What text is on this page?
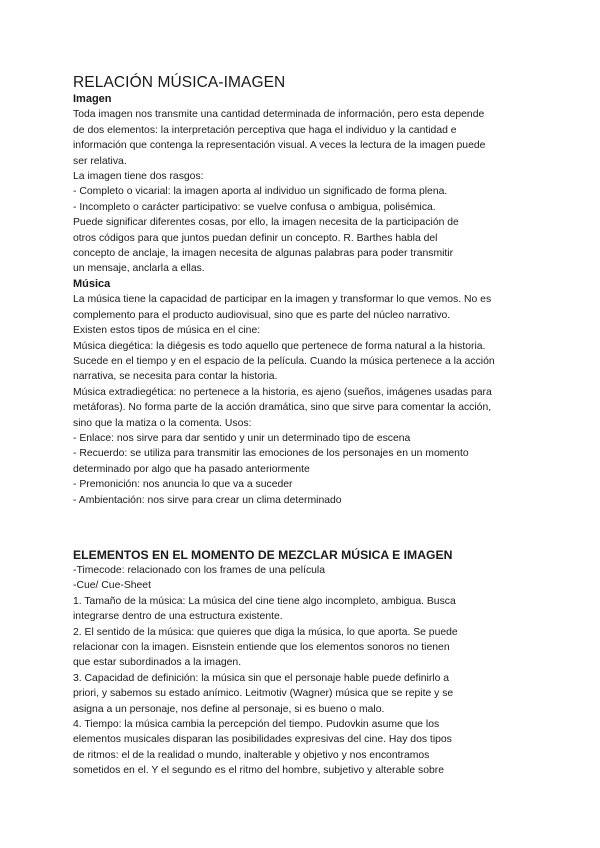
RELACIÓN MÚSICA-IMAGEN
Imagen

Toda imagen nos transmite una cantidad determinada de información, pero esta depende

de dos elementos: la interpretación perceptiva que haga el individuo y la cantidad e

información que contenga la representación visual. A veces la lectura de la imagen puede

ser relativa.

La imagen tiene dos rasgos:

- Completo o vicarial: la imagen aporta al individuo un significado de forma plena.

- Incompleto o carácter participativo: se vuelve confusa o ambigua, polisémica.

Puede significar diferentes cosas, por ello, la imagen necesita de la participación de

otros códigos para que juntos puedan definir un concepto. R. Barthes habla del

concepto de anclaje, la imagen necesita de algunas palabras para poder transmitir

un mensaje, anclarla a ellas.

Música

La música tiene la capacidad de participar en la imagen y transformar lo que vemos. No es

complemento para el producto audiovisual, sino que es parte del núcleo narrativo.

Existen estos tipos de música en el cine:

Música diegética: la diégesis es todo aquello que pertenece de forma natural a la historia.

Sucede en el tiempo y en el espacio de la película. Cuando la música pertenece a la acción

narrativa, se necesita para contar la historia.

Música extradiegética: no pertenece a la historia, es ajeno (sueños, imágenes usadas para

metáforas). No forma parte de la acción dramática, sino que sirve para comentar la acción,

sino que la matiza o la comenta. Usos:

- Enlace: nos sirve para dar sentido y unir un determinado tipo de escena

- Recuerdo: se utiliza para transmitir las emociones de los personajes en un momento

determinado por algo que ha pasado anteriormente

- Premonición: nos anuncia lo que va a suceder

- Ambientación: nos sirve para crear un clima determinado

ELEMENTOS EN EL MOMENTO DE MEZCLAR MÚSICA E IMAGEN

-Timecode: relacionado con los frames de una película

-Cue/ Cue-Sheet

1. Tamaño de la música: La música del cine tiene algo incompleto, ambigua. Busca

integrarse dentro de una estructura existente.

2. El sentido de la música: que quieres que diga la música, lo que aporta. Se puede

relacionar con la imagen. Eisnstein entiende que los elementos sonoros no tienen

que estar subordinados a la imagen.

3. Capacidad de definición: la música sin que el personaje hable puede definirlo a

priori, y sabemos su estado anímico. Leitmotiv (Wagner) música que se repite y se

asigna a un personaje, nos define al personaje, si es bueno o malo.

4. Tiempo: la música cambia la percepción del tiempo. Pudovkin asume que los

elementos musicales disparan las posibilidades expresivas del cine. Hay dos tipos

de ritmos: el de la realidad o mundo, inalterable y objetivo y nos encontramos

sometidos en el. Y el segundo es el ritmo del hombre, subjetivo y alterable sobre
